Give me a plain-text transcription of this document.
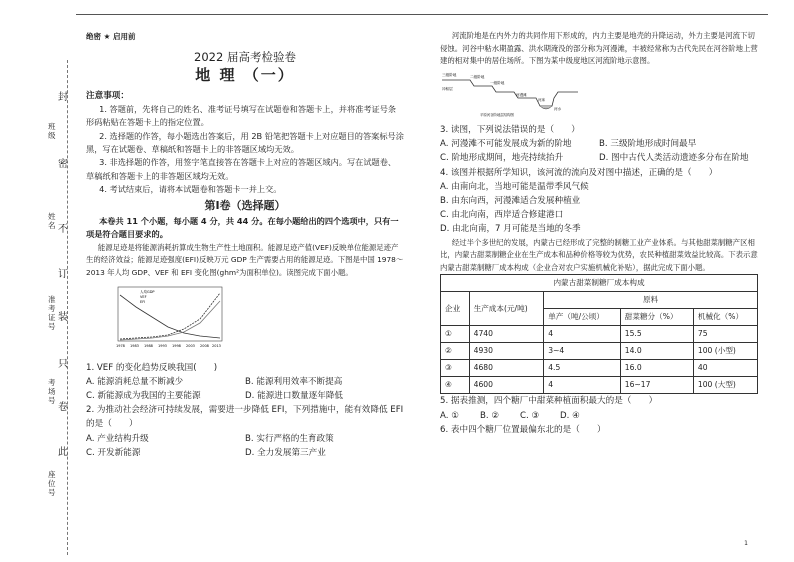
班级
姓名
准考证号
考场号
座位号
封
密
不
订
装
只
卷
此
绝密 ★ 启用前
2022 届高考检验卷
地 理 （一）
注意事项：
1. 答题前，先将自己的姓名、准考证号填写在试题卷和答题卡上，并将准考证号条形码粘贴在答题卡上的指定位置。
2. 选择题的作答，每小题选出答案后，用 2B 铅笔把答题卡上对应题目的答案标号涂黑，写在试题卷、草稿纸和答题卡上的非答题区域均无效。
3. 非选择题的作答，用签字笔直接答在答题卡上对应的答题区域内。写在试题卷、草稿纸和答题卡上的非答题区域均无效。
4. 考试结束后，请将本试题卷和答题卡一并上交。
第Ⅰ卷（选择题）
本卷共 11 个小题，每小题 4 分，共 44 分。在每小题给出的四个选项中，只有一项是符合题目要求的。
能源足迹是将能源消耗折算成生物生产性土地面积。能源足迹产值(VEF)反映单位能源足迹产生的经济效益；能源足迹强度(EFI)反映万元 GDP 生产需要占用的能源足迹。下图是中国 1978～2013 年人均 GDP、VEF 和 EFI 变化图(ghm²为面积单位)。读图完成下面小题。
人均GDP
VEF
EFI
1978 1983 1988 1993 1998 2003 2008 2013
1. VEF 的变化趋势反映我国(　　)
A. 能源消耗总量不断减少	B. 能源利用效率不断提高
C. 新能源成为我国的主要能源	D. 能源进口数量逐年降低
2. 为推动社会经济可持续发展，需要进一步降低 EFI，下列措施中，能有效降低 EFI 的是（　　）
A. 产业结构升级	B. 实行严格的生育政策
C. 开发新能源	D. 全力发展第三产业
河流阶地是在内外力的共同作用下形成的，内力主要是地壳的升降运动，外力主要是河流下切侵蚀。河谷中粘水期盈露、洪水期淹没的部分称为河漫滩，丰被经常称为古代先民在河谷阶地上营建的相对集中的居住场所。下图为某中级度地区河流阶地示意图。
三级阶地	二级阶地
一级阶地
冲积层
河漫滩
河床
河水
平原河谷阶地层结构图
3. 读图，下列说法错误的是（　　）
A. 河漫滩不可能发展成为新的阶地	B. 三级阶地形成时间最早
C. 阶地形成期间，地壳持续抬升	D. 图中古代人类活动遗迹多分布在阶地
4. 该图并根据所学知识，该河流的流向及对图中描述，正确的是（　　）
A. 由南向北，当地可能是温带季风气候
B. 由东向西，河漫滩适合发展种植业
C. 由北向南，西岸适合修建港口
D. 由北向南，7 月可能是当地的冬季
经过半个多世纪的发展，内蒙古已经形成了完整的制糖工业产业体系。与其他甜菜制糖产区相比，内蒙古甜菜制糖企业在生产成本和品种价格等较为优势，农民种植甜菜效益比较高。下表示意内蒙古甜菜制糖厂成本构成（企业合对农户实施机械化补贴），据此完成下面小题。
内蒙古甜菜制糖厂成本构成				
企业	生产成本(元/吨)	原料		
		单产（吨/公顷）	甜菜糖分（%）	机械化（%）
①	4740	4	15.5	75
②	4930	3~4	14.0	100 (小型)
③	4680	4.5	16.0	40
④	4600	4	16~17	100 (大型)
5. 据表推测，四个糖厂中甜菜种植面积最大的是（　　）
A. ①	B. ②	C. ③	D. ④
6. 表中四个糖厂位置最偏东北的是（　　）
1
